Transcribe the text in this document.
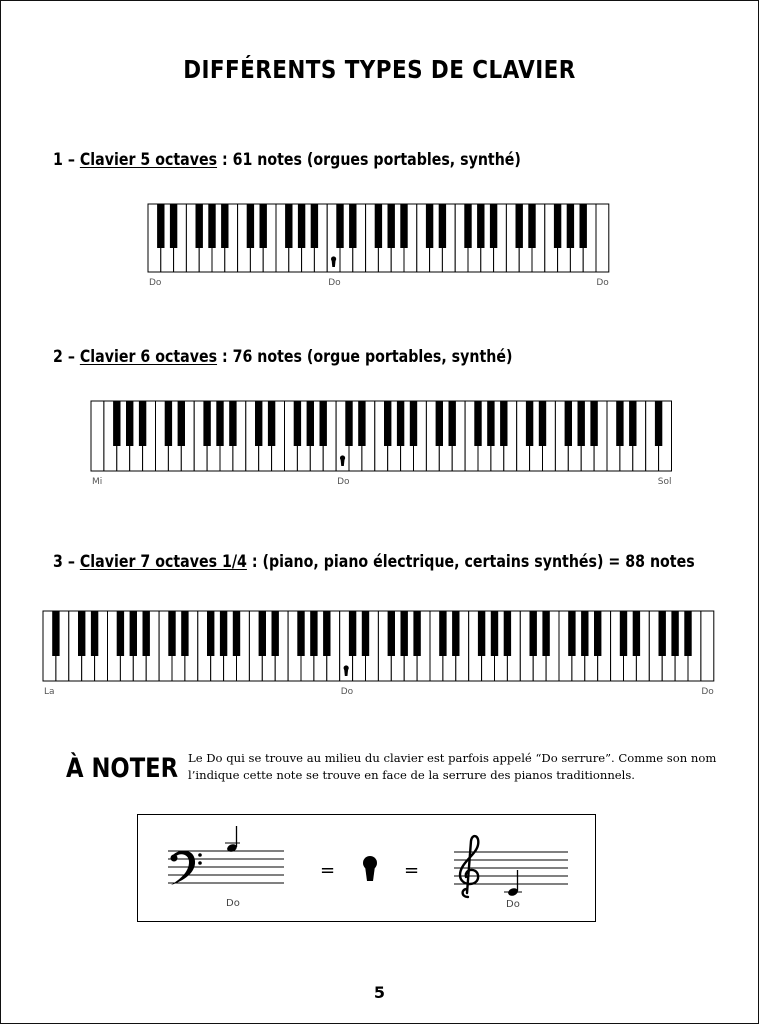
DIFFÉRENTS TYPES DE CLAVIER
1 – Clavier 5 octaves : 61 notes (orgues portables, synthé)
2 – Clavier 6 octaves : 76 notes (orgue portables, synthé)
3 – Clavier 7 octaves 1/4 : (piano, piano électrique, certains synthés) = 88 notes
Do	Do	Do
Mi	Do	Sol
La	Do	Do
À NOTER Le Do qui se trouve au milieu du clavier est parfois appelé “Do serrure”. Comme son nom l’indique cette note se trouve en face de la serrure des pianos traditionnels.
Do
=	=
Do
5
